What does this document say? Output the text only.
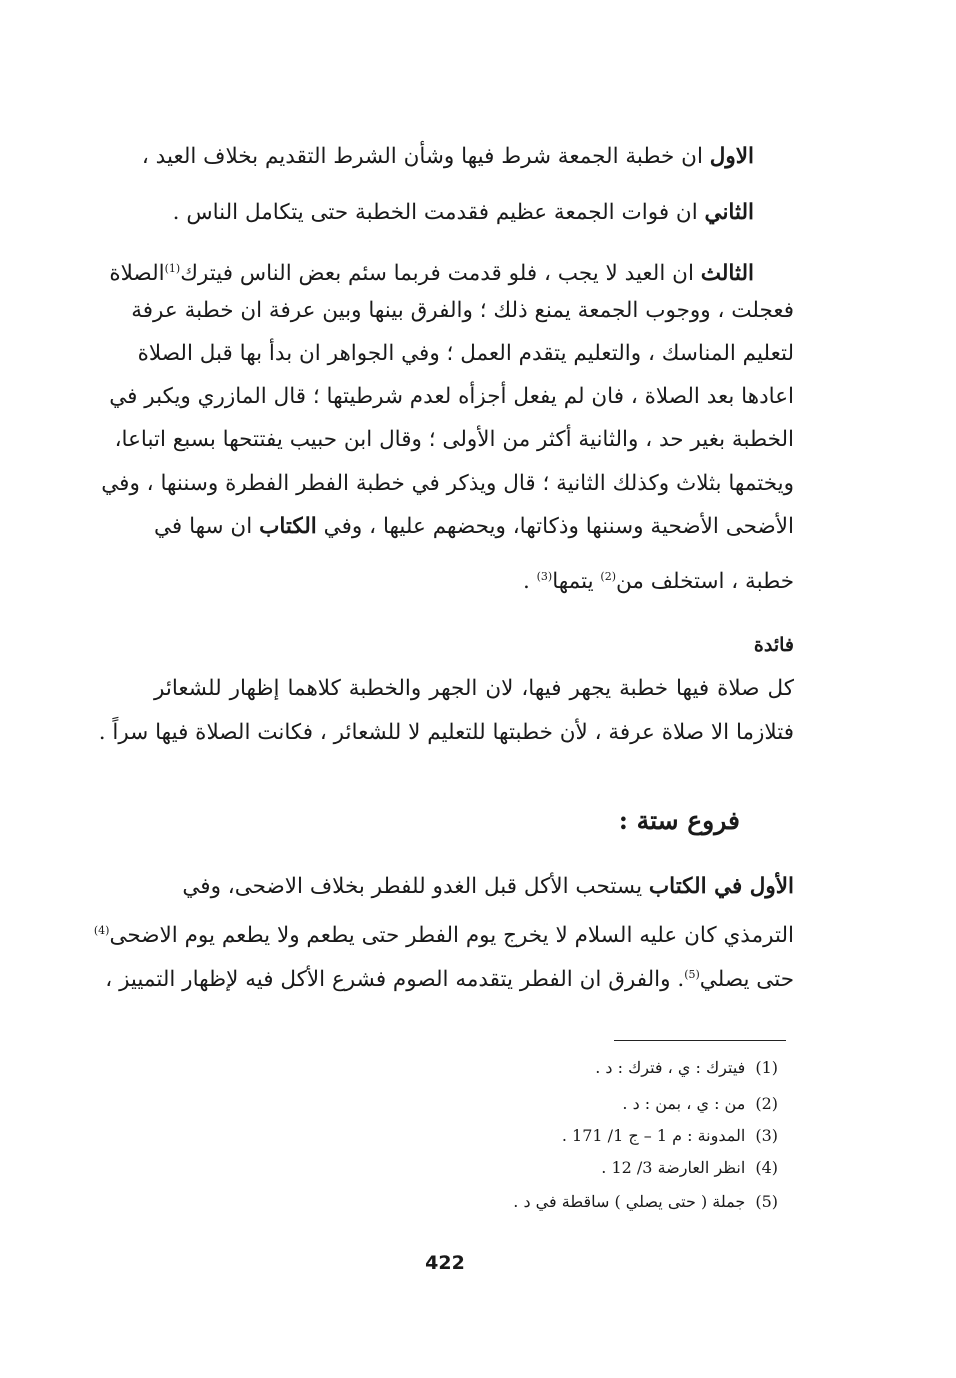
الاول ان خطبة الجمعة شرط فيها وشأن الشرط التقديم بخلاف العيد ،
الثاني ان فوات الجمعة عظيم فقدمت الخطبة حتى يتكامل الناس .
الثالث ان العيد لا يجب ، فلو قدمت فربما سئم بعض الناس فيترك$^{(1)}$الصلاة
فعجلت ، ووجوب الجمعة يمنع ذلك ؛ والفرق بينها وبين عرفة ان خطبة عرفة
لتعليم المناسك ، والتعليم يتقدم العمل ؛ وفي الجواهر ان بدأ بها قبل الصلاة
اعادها بعد الصلاة ، فان لم يفعل أجزأه لعدم شرطيتها ؛ قال المازري ويكبر في
الخطبة بغير حد ، والثانية أكثر من الأولى ؛ وقال ابن حبيب يفتتحها بسبع اتباعا،
ويختمها بثلاث وكذلك الثانية ؛ قال ويذكر في خطبة الفطر الفطرة وسننها ، وفي
الأضحى الأضحية وسننها وذكاتها، ويحضهم عليها ، وفي الكتاب ان سها في
خطبة ، استخلف من$^{(2)}$ يتمها$^{(3)}$ .
فائدة
كل صلاة فيها خطبة يجهر فيها، لان الجهر والخطبة كلاهما إظهار للشعائر
فتلازما الا صلاة عرفة ، لأن خطبتها للتعليم لا للشعائر ، فكانت الصلاة فيها سراً .
فروع ستة :
الأول في الكتاب يستحب الأكل قبل الغدو للفطر بخلاف الاضحى، وفي
الترمذي كان عليه السلام لا يخرج يوم الفطر حتى يطعم ولا يطعم يوم الاضحى$^{(4)}$
حتى يصلي$^{(5)}$. والفرق ان الفطر يتقدمه الصوم فشرع الأكل فيه لإظهار التمييز ،
(1)فيترك : ي ، فترك : د .
(2)من : ي ، بمن : د .
(3)المدونة : م 1 – ج 1/ 171 .
(4)انظر العارضة 3/ 12 .
(5)جملة ( حتى يصلي ) ساقطة في د .
422
